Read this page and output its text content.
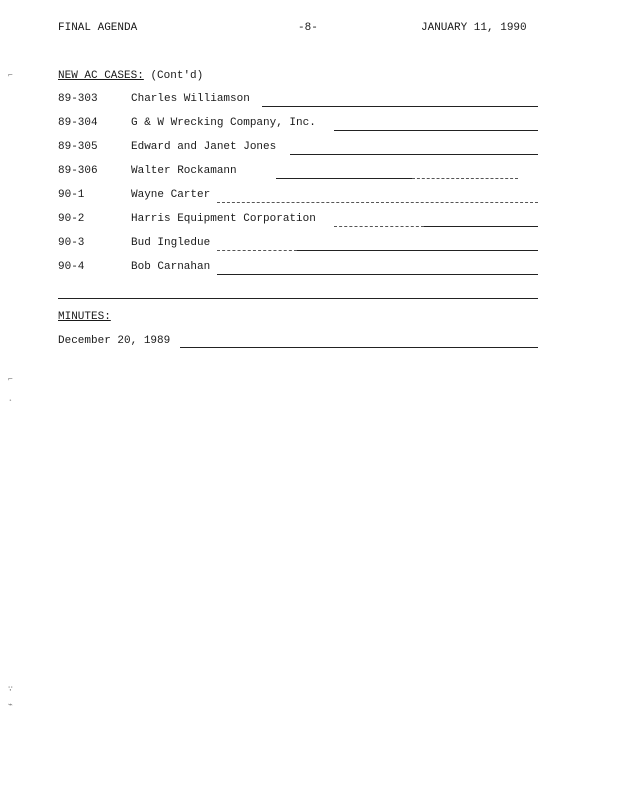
FINAL AGENDA	-8-	JANUARY 11, 1990
NEW AC CASES: (Cont'd)
89-303	Charles Williamson
89-304	G & W Wrecking Company, Inc.
89-305	Edward and Janet Jones
89-306	Walter Rockamann
90-1	Wayne Carter
90-2	Harris Equipment Corporation
90-3	Bud Ingledue
90-4	Bob Carnahan
MINUTES:
December 20, 1989
⌐
⌐
˛
∵
⌁
